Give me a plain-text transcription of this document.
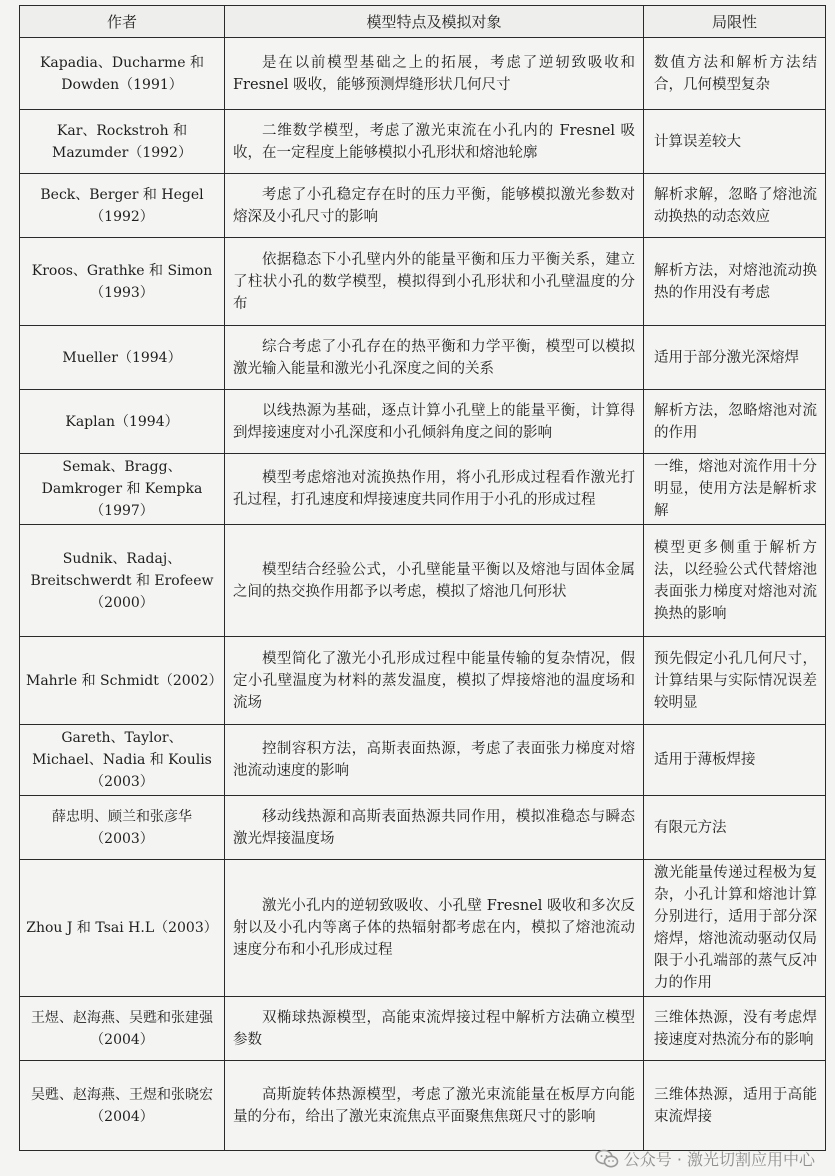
作者	模型特点及模拟对象	局限性
Kapadia、Ducharme 和 Dowden（1991）	是在以前模型基础之上的拓展，考虑了逆轫致吸收和 Fresnel 吸收，能够预测焊缝形状几何尺寸	数值方法和解析方法结合，几何模型复杂
Kar、Rockstroh 和 Mazumder（1992）	二维数学模型，考虑了激光束流在小孔内的 Fresnel 吸收，在一定程度上能够模拟小孔形状和熔池轮廓	计算误差较大
Beck、Berger 和 Hegel（1992）	考虑了小孔稳定存在时的压力平衡，能够模拟激光参数对熔深及小孔尺寸的影响	解析求解，忽略了熔池流动换热的动态效应
Kroos、Grathke 和 Simon（1993）	依据稳态下小孔壁内外的能量平衡和压力平衡关系，建立了柱状小孔的数学模型，模拟得到小孔形状和小孔壁温度的分布	解析方法，对熔池流动换热的作用没有考虑
Mueller（1994）	综合考虑了小孔存在的热平衡和力学平衡，模型可以模拟激光输入能量和激光小孔深度之间的关系	适用于部分激光深熔焊
Kaplan（1994）	以线热源为基础，逐点计算小孔壁上的能量平衡，计算得到焊接速度对小孔深度和小孔倾斜角度之间的影响	解析方法，忽略熔池对流的作用
Semak、Bragg、Damkroger 和 Kempka（1997）	模型考虑熔池对流换热作用，将小孔形成过程看作激光打孔过程，打孔速度和焊接速度共同作用于小孔的形成过程	一维，熔池对流作用十分明显，使用方法是解析求解
Sudnik、Radaj、Breitschwerdt 和 Erofeew（2000）	模型结合经验公式，小孔壁能量平衡以及熔池与固体金属之间的热交换作用都予以考虑，模拟了熔池几何形状	模型更多侧重于解析方法，以经验公式代替熔池表面张力梯度对熔池对流换热的影响
Mahrle 和 Schmidt（2002）	模型简化了激光小孔形成过程中能量传输的复杂情况，假定小孔壁温度为材料的蒸发温度，模拟了焊接熔池的温度场和流场	预先假定小孔几何尺寸，计算结果与实际情况误差较明显
Gareth、Taylor、Michael、Nadia 和 Koulis（2003）	控制容积方法，高斯表面热源，考虑了表面张力梯度对熔池流动速度的影响	适用于薄板焊接
薛忠明、顾兰和张彦华（2003）	移动线热源和高斯表面热源共同作用，模拟准稳态与瞬态激光焊接温度场	有限元方法
Zhou J 和 Tsai H.L（2003）	激光小孔内的逆轫致吸收、小孔壁 Fresnel 吸收和多次反射以及小孔内等离子体的热辐射都考虑在内，模拟了熔池流动速度分布和小孔形成过程	激光能量传递过程极为复杂，小孔计算和熔池计算分别进行，适用于部分深熔焊，熔池流动驱动仅局限于小孔端部的蒸气反冲力的作用
王煜、赵海燕、吴甦和张建强（2004）	双椭球热源模型，高能束流焊接过程中解析方法确立模型参数	三维体热源，没有考虑焊接速度对热流分布的影响
吴甦、赵海燕、王煜和张晓宏（2004）	高斯旋转体热源模型，考虑了激光束流能量在板厚方向能量的分布，给出了激光束流焦点平面聚焦焦斑尺寸的影响	三维体热源，适用于高能束流焊接
公众号 · 激光切割应用中心
